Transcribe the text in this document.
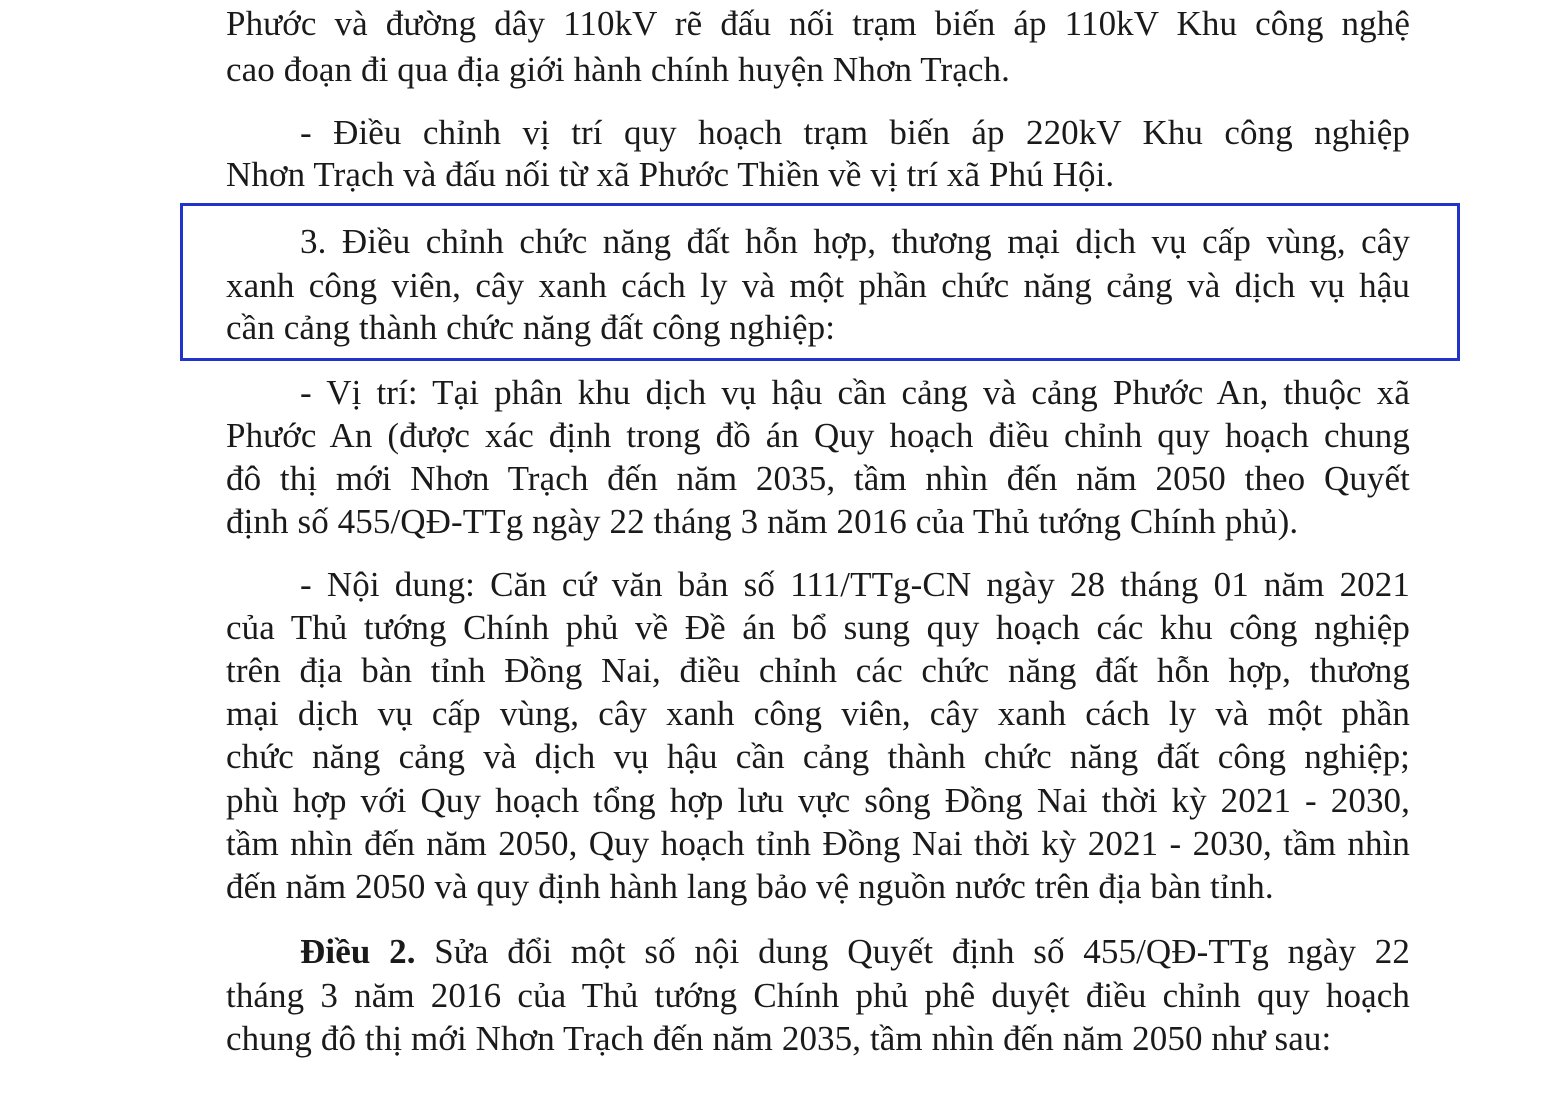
Phước và đường dây 110kV rẽ đấu nối trạm biến áp 110kV Khu công nghệ
cao đoạn đi qua địa giới hành chính huyện Nhơn Trạch.
- Điều chỉnh vị trí quy hoạch trạm biến áp 220kV Khu công nghiệp
Nhơn Trạch và đấu nối từ xã Phước Thiền về vị trí xã Phú Hội.
3. Điều chỉnh chức năng đất hỗn hợp, thương mại dịch vụ cấp vùng, cây
xanh công viên, cây xanh cách ly và một phần chức năng cảng và dịch vụ hậu
cần cảng thành chức năng đất công nghiệp:
- Vị trí: Tại phân khu dịch vụ hậu cần cảng và cảng Phước An, thuộc xã
Phước An (được xác định trong đồ án Quy hoạch điều chỉnh quy hoạch chung
đô thị mới Nhơn Trạch đến năm 2035, tầm nhìn đến năm 2050 theo Quyết
định số 455/QĐ-TTg ngày 22 tháng 3 năm 2016 của Thủ tướng Chính phủ).
- Nội dung: Căn cứ văn bản số 111/TTg-CN ngày 28 tháng 01 năm 2021
của Thủ tướng Chính phủ về Đề án bổ sung quy hoạch các khu công nghiệp
trên địa bàn tỉnh Đồng Nai, điều chỉnh các chức năng đất hỗn hợp, thương
mại dịch vụ cấp vùng, cây xanh công viên, cây xanh cách ly và một phần
chức năng cảng và dịch vụ hậu cần cảng thành chức năng đất công nghiệp;
phù hợp với Quy hoạch tổng hợp lưu vực sông Đồng Nai thời kỳ 2021 - 2030,
tầm nhìn đến năm 2050, Quy hoạch tỉnh Đồng Nai thời kỳ 2021 - 2030, tầm nhìn
đến năm 2050 và quy định hành lang bảo vệ nguồn nước trên địa bàn tỉnh.
Điều 2. Sửa đổi một số nội dung Quyết định số 455/QĐ-TTg ngày 22
tháng 3 năm 2016 của Thủ tướng Chính phủ phê duyệt điều chỉnh quy hoạch
chung đô thị mới Nhơn Trạch đến năm 2035, tầm nhìn đến năm 2050 như sau:
